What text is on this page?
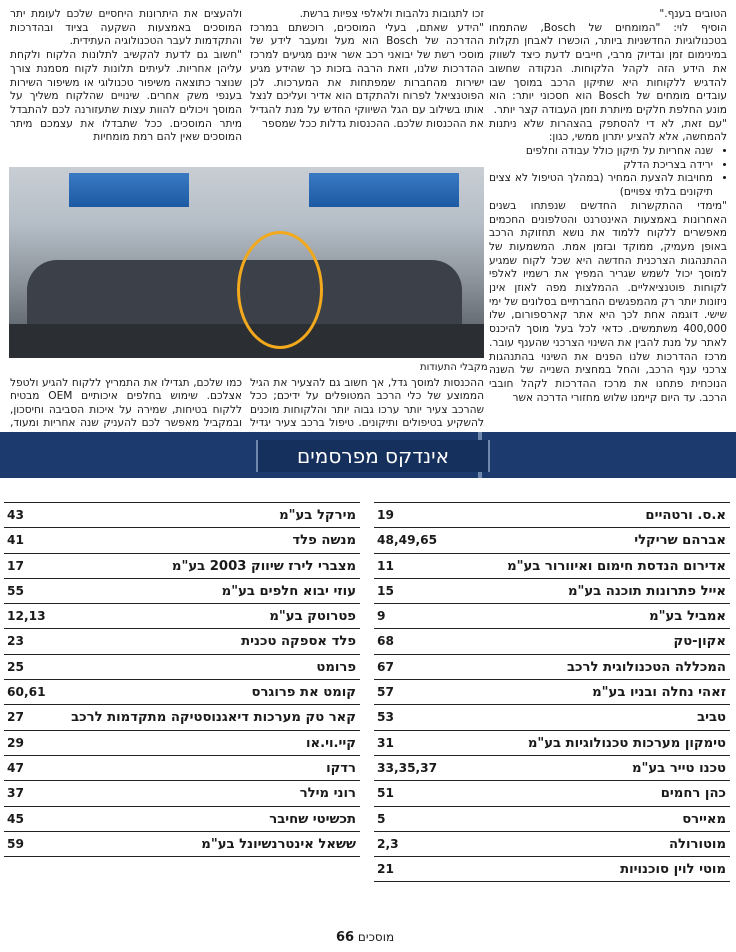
הטובים בענף."

הוסיף לוי: "המומחים של Bosch, שהתמחו בטכנולוגיות החדשניות ביותר, הוכשרו לאבחן תקלות במינימום זמן ובדיוק מרבי, חייבים לדעת כיצד לשווק את הידע הזה לקהל הלקוחות. הנקודה שחשוב להדגיש ללקוחות היא שתיקון הרכב במוסך שבו עובדים מומחים של Bosch הוא חסכוני יותר: הוא מונע החלפת חלקים מיותרת וזמן העבודה קצר יותר.

"עם זאת, לא די להסתפק בהצהרות שלא ניתנות להמחשה, אלא להציע יתרון ממשי, כגון:

• שנה אחריות על תיקון כולל עבודה וחלפים
• ירידה בצריכת הדלק
• מחויבות להצעת המחיר (במהלך הטיפול לא צצים תיקונים בלתי צפויים)

"מימדי ההתקשרות החדשים שנפתחו בשנים האחרונות באמצעות האינטרנט והטלפונים החכמים מאפשרים ללקוח ללמוד את נושא תחזוקת הרכב באופן מעמיק, ממוקד ובזמן אמת. המשמעות של ההתנהגות הצרכנית החדשה היא שכל לקוח שמגיע למוסך יכול לשמש שגריר המפיץ את רשמיו לאלפי לקוחות פוטנציאליים. ההמלצות מפה לאוזן אינן ניזונות יותר רק מהמפגשים החברתיים בסלונים של ימי שישי. דוגמה אחת לכך היא אתר קארספורום, שלו 400,000 משתמשים. כדאי לכל בעל מוסך להיכנס לאתר על מנת להבין את השינוי הצרכני שהענף עובר. מרכז ההדרכות שלנו הפנים את השינוי בהתנהגות צרכני ענף הרכב, והחל במחצית השנייה של השנה הנוכחית פתחנו את מרכז ההדרכות לקהל חובבי הרכב. עד היום קיימנו שלוש מחזורי הדרכה אשר

זכו לתגובות נלהבות ולאלפי צפיות ברשת.

"הידע שאתם, בעלי המוסכים, רוכשתם במרכז ההדרכה של Bosch הוא מעל ומעבר לידע של מוסכי רשת של יבואני רכב אשר אינם מגיעים למרכז ההדרכות שלנו, וזאת הרבה בזכות כך שהידע מגיע ישירות מהחברות שמפתחות את המערכות. לכן הפוטנציאל לפרוח ולהתקדם הוא אדיר ועליכם לנצל אותו בשילוב עם הגל השיווקי החדש על מנת להגדיל את ההכנסות שלכם. ההכנסות גדלות ככל שמספר

ולהעצים את היתרונות היחסיים שלכם לעומת יתר המוסכים באמצעות השקעה בציוד ובהדרכות והתקדמות לעבר הטכנולוגיה העתידית.

"חשוב גם לדעת להקשיב לתלונות הלקוח ולקחת עליהן אחריות. לעיתים תלונות לקוח מסמנת צורך שנוצר כתוצאה משיפור טכנולוגי או משיפור השירות בענפי משק אחרים. שינויים שהלקוח משליך על המוסך ויכולים להוות עצות שתעזורנה לכם להתבדל מיתר המוסכים. ככל שתבדלו את עצמכם מיתר המוסכים שאין להם רמת מומחיות

מקבלי התעודות

ההכנסות למוסך גדל, אך חשוב גם להצעיר את הגיל הממוצע של כלי הרכב המטופלים על ידיכם; ככל שהרכב צעיר יותר ערכו גבוה יותר והלקוחות מוכנים להשקיע בטיפולים ותיקונים. טיפול ברכב צעיר יגדיל

כמו שלכם, תגדילו את התמריץ ללקוח להגיע ולטפל אצלכם. שימוש בחלפים איכותיים OEM מבטיח ללקוח בטיחות, שמירה על איכות הסביבה וחיסכון, ובמקביל מאפשר לכם להעניק שנה אחריות ומעוד,

אינדקס מפרסמים
א.ס. ורטהיים
19
אברהם שריקלי
48,49,65
אדירום הנדסת חימום ואיוורור בע"מ
11
אייל פתרונות תוכנה בע"מ
15
אמביל בע"מ
9
אקון-טק
68
המכללה הטכנולוגית לרכב
67
זאהי נחלה ובניו בע"מ
57
טביב
53
טימקון מערכות טכנולוגיות בע"מ
31
טכנו טייר בע"מ
33,35,37
כהן רחמים
51
מאיירס
5
מוטורולה
2,3
מוטי לוין סוכנויות
21
מירקל בע"מ
43
מנשה פלד
41
מצברי לירז שיווק 2003 בע"מ
17
עוזי יבוא חלפים בע"מ
55
פטרוטק בע"מ
12,13
פלד אספקה טכנית
23
פרומט
25
קומט את פרוגרס
60,61
קאר טק מערכות דיאגנוסטיקה מתקדמות לרכב
27
קיי.וי.או
29
רדקו
47
רוני מילר
37
תכשיטי שחיבר
45
ששאל אינטרנשיונל בע"מ
59
66 מוסכים
